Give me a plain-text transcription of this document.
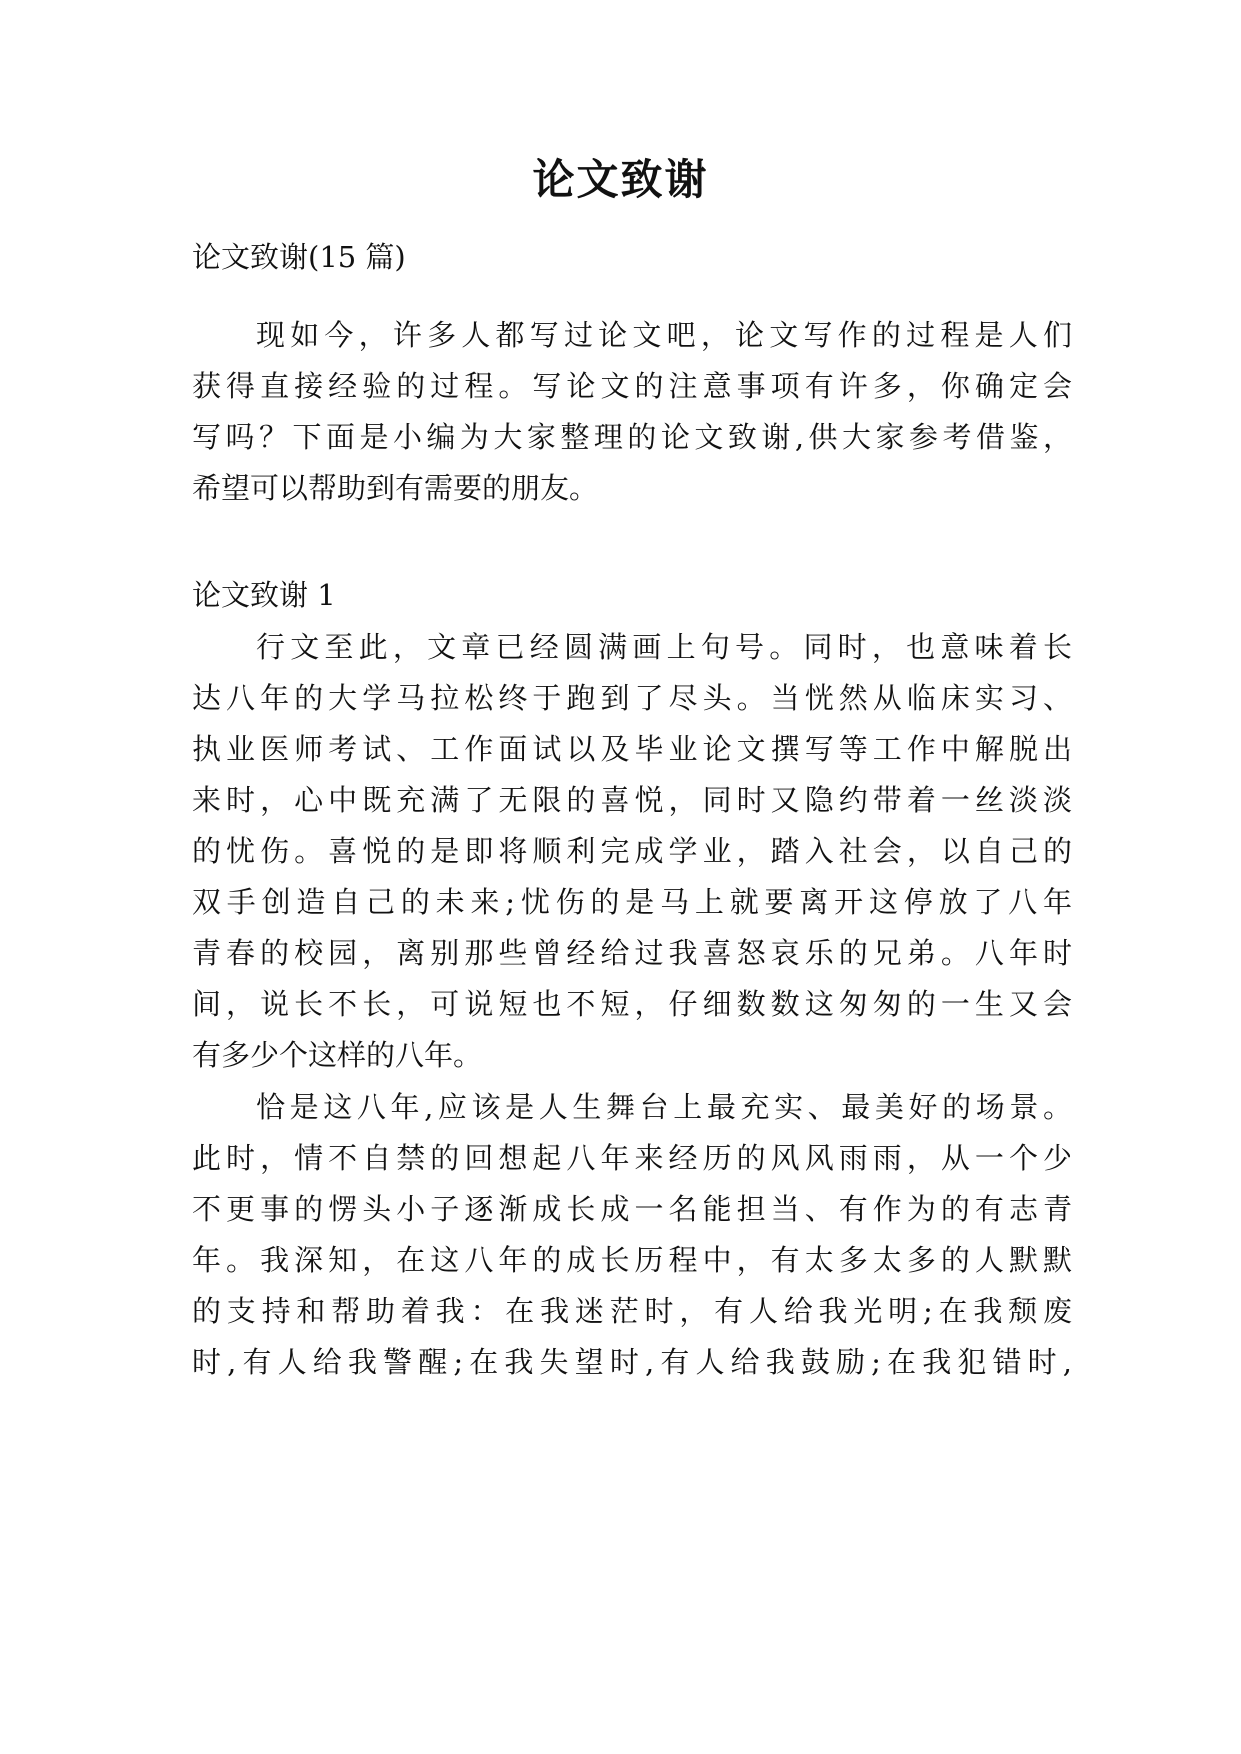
论文致谢

论文致谢(15 篇)

现如今，许多人都写过论文吧，论文写作的过程是人们

获得直接经验的过程。写论文的注意事项有许多，你确定会

写吗？下面是小编为大家整理的论文致谢,供大家参考借鉴，

希望可以帮助到有需要的朋友。

论文致谢 1

行文至此，文章已经圆满画上句号。同时，也意味着长

达八年的大学马拉松终于跑到了尽头。当恍然从临床实习、

执业医师考试、工作面试以及毕业论文撰写等工作中解脱出

来时，心中既充满了无限的喜悦，同时又隐约带着一丝淡淡

的忧伤。喜悦的是即将顺利完成学业，踏入社会，以自己的

双手创造自己的未来;忧伤的是马上就要离开这停放了八年

青春的校园，离别那些曾经给过我喜怒哀乐的兄弟。八年时

间，说长不长，可说短也不短，仔细数数这匆匆的一生又会

有多少个这样的八年。

恰是这八年,应该是人生舞台上最充实、最美好的场景。

此时，情不自禁的回想起八年来经历的风风雨雨，从一个少

不更事的愣头小子逐渐成长成一名能担当、有作为的有志青

年。我深知，在这八年的成长历程中，有太多太多的人默默

的支持和帮助着我：在我迷茫时，有人给我光明;在我颓废

时,有人给我警醒;在我失望时,有人给我鼓励;在我犯错时,
